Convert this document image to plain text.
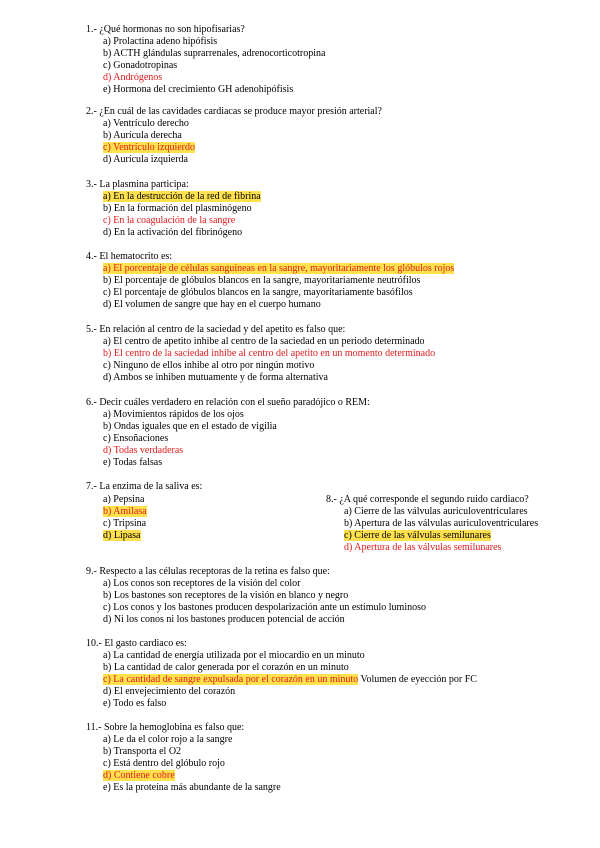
1.- ¿Qué hormonas no son hipofisarias?
a) Prolactina adeno hipófisis
b) ACTH glándulas suprarrenales, adrenocorticotropina
c) Gonadotropinas
d) Andrógenos
e) Hormona del crecimiento GH adenohipófisis
2.- ¿En cuál de las cavidades cardiacas se produce mayor presión arterial?
a) Ventrículo derecho
b) Aurícula derecha
c) Ventrículo izquierdo
d) Aurícula izquierda
3.- La plasmina participa:
a) En la destrucción de la red de fibrina
b) En la formación del plasminógeno
c) En la coagulación de la sangre
d) En la activación del fibrinógeno
4.- El hematocrito es:
a) El porcentaje de células sanguíneas en la sangre, mayoritariamente los glóbulos rojos
b) El porcentaje de glóbulos blancos en la sangre, mayoritariamente neutrófilos
c) El porcentaje de glóbulos blancos en la sangre, mayoritariamente basófilos
d) El volumen de sangre que hay en el cuerpo humano
5.- En relación al centro de la saciedad y del apetito es falso que:
a) El centro de apetito inhibe al centro de la saciedad en un periodo determinado
b) El centro de la saciedad inhibe al centro del apetito en un momento determinado
c) Ninguno de ellos inhibe al otro por ningún motivo
d) Ambos se inhiben mutuamente y de forma alternativa
6.- Decir cuáles verdadero en relación con el sueño paradójico o REM:
a) Movimientos rápidos de los ojos
b) Ondas iguales que en el estado de vigilia
c) Ensoñaciones
d) Todas verdaderas
e) Todas falsas
7.- La enzima de la saliva es:
a) Pepsina
b) Amilasa
c) Tripsina
d) Lipasa
8.- ¿A qué corresponde el segundo ruido cardiaco?
a) Cierre de las válvulas auriculoventriculares
b) Apertura de las válvulas auriculoventriculares
c) Cierre de las válvulas semilunares
d) Apertura de las válvulas semilunares
9.- Respecto a las células receptoras de la retina es falso que:
a) Los conos son receptores de la visión del color
b) Los bastones son receptores de la visión en blanco y negro
c) Los conos y los bastones producen despolarización ante un estímulo luminoso
d) Ni los conos ni los bastones producen potencial de acción
10.- El gasto cardiaco es:
a) La cantidad de energía utilizada por el miocardio en un minuto
b) La cantidad de calor generada por el corazón en un minuto
c) La cantidad de sangre expulsada por el corazón en un minuto Volumen de eyección por FC
d) El envejecimiento del corazón
e) Todo es falso
11.- Sobre la hemoglobina es falso que:
a) Le da el color rojo a la sangre
b) Transporta el O2
c) Está dentro del glóbulo rojo
d) Contiene cobre
e) Es la proteína más abundante de la sangre
